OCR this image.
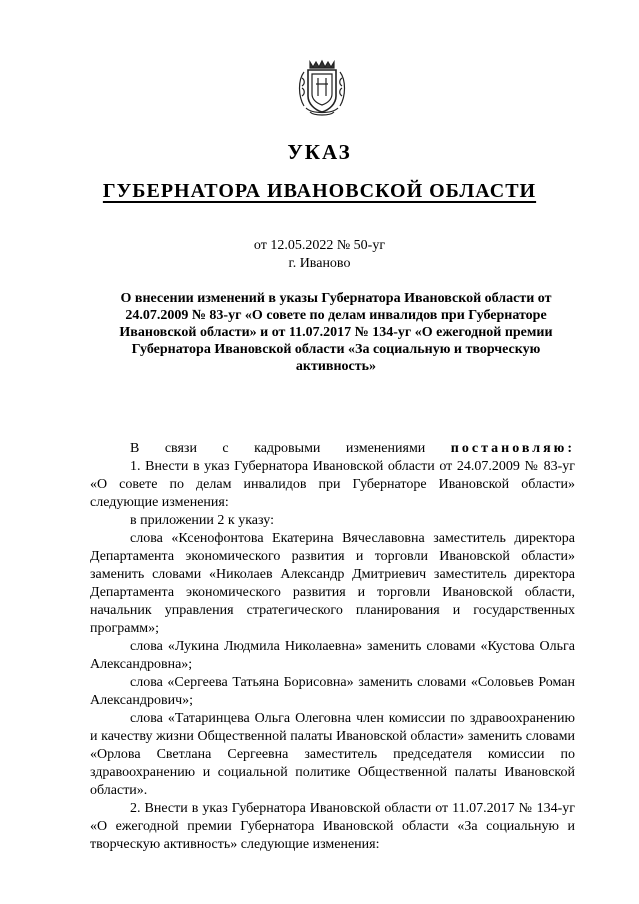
УКАЗ
ГУБЕРНАТОРА ИВАНОВСКОЙ ОБЛАСТИ
от 12.05.2022 № 50-уг
г. Иваново
О внесении изменений в указы Губернатора Ивановской области от 24.07.2009 № 83-уг «О совете по делам инвалидов при Губернаторе Ивановской области» и от 11.07.2017 № 134-уг «О ежегодной премии Губернатора Ивановской области «За социальную и творческую активность»

В связи с кадровыми изменениями постановляю:

1. Внести в указ Губернатора Ивановской области от 24.07.2009 № 83-уг «О совете по делам инвалидов при Губернаторе Ивановской области» следующие изменения:

в приложении 2 к указу:

слова «Ксенофонтова Екатерина Вячеславовна заместитель директора Департамента экономического развития и торговли Ивановской области» заменить словами «Николаев Александр Дмитриевич заместитель директора Департамента экономического развития и торговли Ивановской области, начальник управления стратегического планирования и государственных программ»;

слова «Лукина Людмила Николаевна» заменить словами «Кустова Ольга Александровна»;

слова «Сергеева Татьяна Борисовна» заменить словами «Соловьев Роман Александрович»;

слова «Татаринцева Ольга Олеговна член комиссии по здравоохранению и качеству жизни Общественной палаты Ивановской области» заменить словами «Орлова Светлана Сергеевна заместитель председателя комиссии по здравоохранению и социальной политике Общественной палаты Ивановской области».

2. Внести в указ Губернатора Ивановской области от 11.07.2017 № 134-уг «О ежегодной премии Губернатора Ивановской области «За социальную и творческую активность» следующие изменения:
